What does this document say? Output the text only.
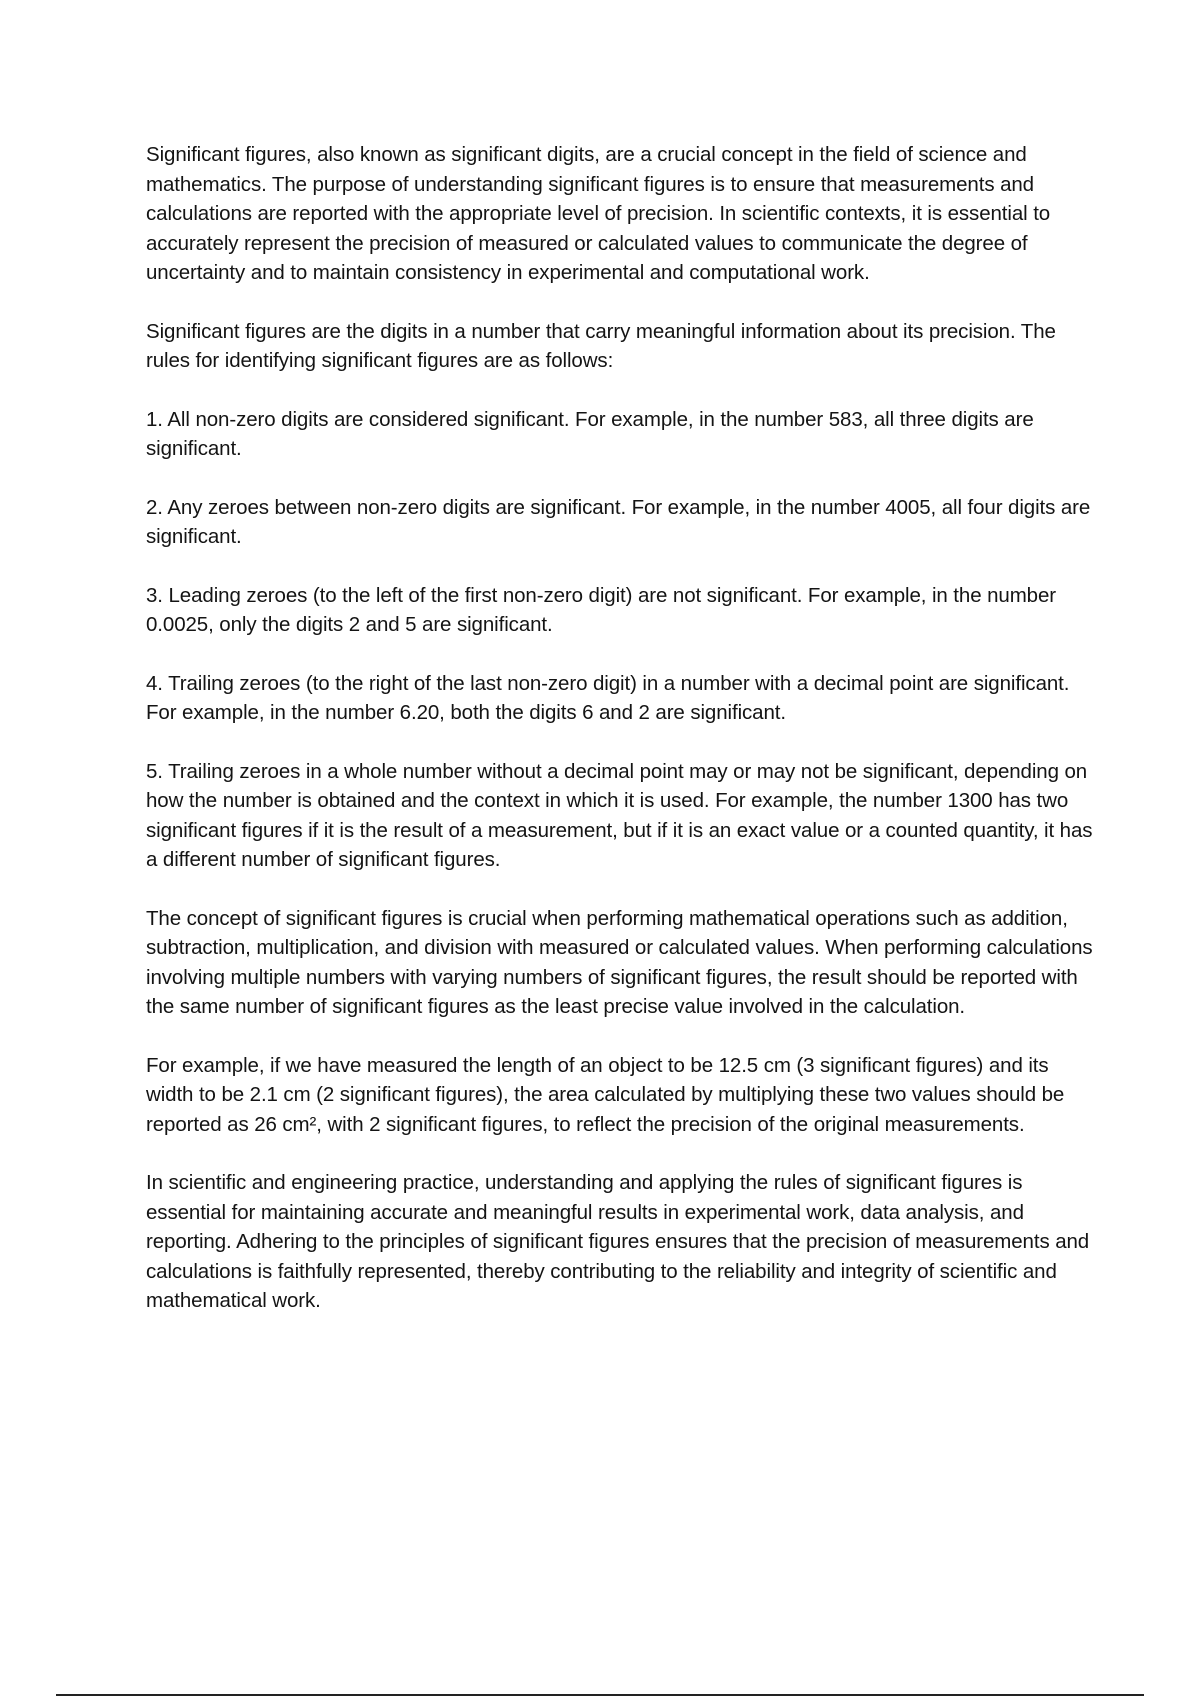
Significant figures, also known as significant digits, are a crucial concept in the field of science and mathematics. The purpose of understanding significant figures is to ensure that measurements and calculations are reported with the appropriate level of precision. In scientific contexts, it is essential to accurately represent the precision of measured or calculated values to communicate the degree of uncertainty and to maintain consistency in experimental and computational work.

Significant figures are the digits in a number that carry meaningful information about its precision. The rules for identifying significant figures are as follows:

1. All non-zero digits are considered significant. For example, in the number 583, all three digits are significant.

2. Any zeroes between non-zero digits are significant. For example, in the number 4005, all four digits are significant.

3. Leading zeroes (to the left of the first non-zero digit) are not significant. For example, in the number 0.0025, only the digits 2 and 5 are significant.

4. Trailing zeroes (to the right of the last non-zero digit) in a number with a decimal point are significant. For example, in the number 6.20, both the digits 6 and 2 are significant.

5. Trailing zeroes in a whole number without a decimal point may or may not be significant, depending on how the number is obtained and the context in which it is used. For example, the number 1300 has two significant figures if it is the result of a measurement, but if it is an exact value or a counted quantity, it has a different number of significant figures.

The concept of significant figures is crucial when performing mathematical operations such as addition, subtraction, multiplication, and division with measured or calculated values. When performing calculations involving multiple numbers with varying numbers of significant figures, the result should be reported with the same number of significant figures as the least precise value involved in the calculation.

For example, if we have measured the length of an object to be 12.5 cm (3 significant figures) and its width to be 2.1 cm (2 significant figures), the area calculated by multiplying these two values should be reported as 26 cm², with 2 significant figures, to reflect the precision of the original measurements.

In scientific and engineering practice, understanding and applying the rules of significant figures is essential for maintaining accurate and meaningful results in experimental work, data analysis, and reporting. Adhering to the principles of significant figures ensures that the precision of measurements and calculations is faithfully represented, thereby contributing to the reliability and integrity of scientific and mathematical work.
